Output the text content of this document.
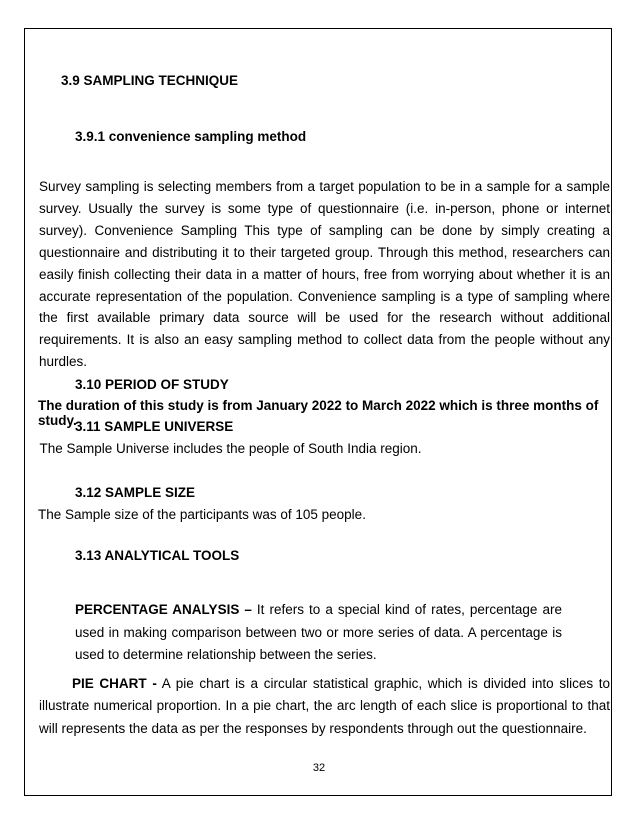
3.9 SAMPLING TECHNIQUE
3.9.1 convenience sampling method

Survey sampling is selecting members from a target population to be in a sample for a sample survey. Usually the survey is some type of questionnaire (i.e. in-person, phone or internet survey). Convenience Sampling This type of sampling can be done by simply creating a questionnaire and distributing it to their targeted group. Through this method, researchers can easily finish collecting their data in a matter of hours, free from worrying about whether it is an accurate representation of the population. Convenience sampling is a type of sampling where the first available primary data source will be used for the research without additional requirements. It is also an easy sampling method to collect data from the people without any hurdles.

3.10 PERIOD OF STUDY
The duration of this study is from January 2022 to March 2022 which is three months of study.
3.11 SAMPLE UNIVERSE
The Sample Universe includes the people of South India region.
3.12 SAMPLE SIZE
The Sample size of the participants was of 105 people.
3.13 ANALYTICAL TOOLS

PERCENTAGE ANALYSIS – It refers to a special kind of rates, percentage are used in making comparison between two or more series of data. A percentage is used to determine relationship between the series.

PIE CHART - A pie chart is a circular statistical graphic, which is divided into slices to illustrate numerical proportion. In a pie chart, the arc length of each slice is proportional to that will represents the data as per the responses by respondents through out the questionnaire.

32
